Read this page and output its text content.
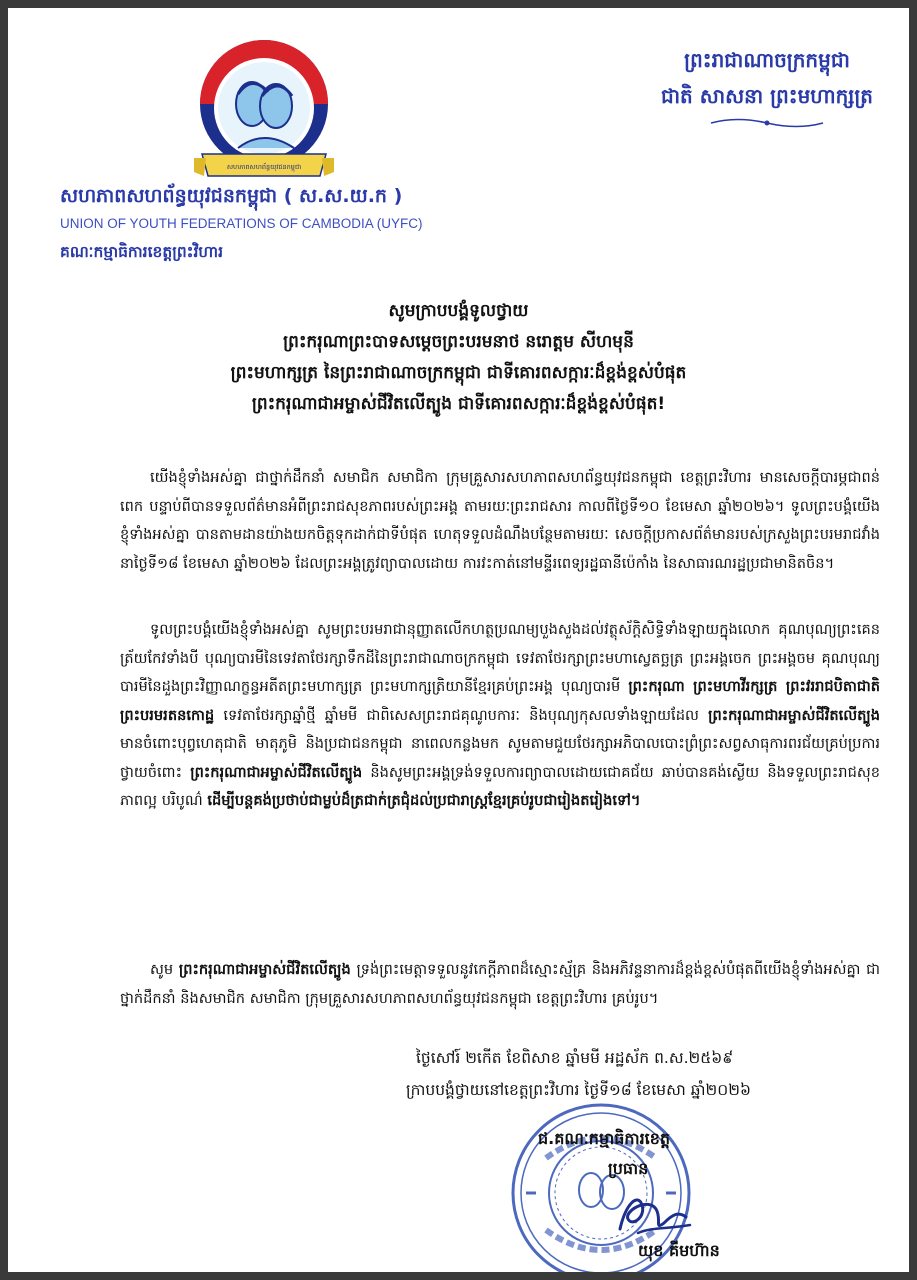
សហភាពសហព័ន្ធយុវជនកម្ពុជា
ព្រះរាជាណាចក្រកម្ពុជា
ជាតិ សាសនា ព្រះមហាក្សត្រ
សហភាពសហព័ន្ធយុវជនកម្ពុជា ( ស.ស.យ.ក )
UNION OF YOUTH FEDERATIONS OF CAMBODIA (UYFC)
គណៈកម្មាធិការខេត្តព្រះវិហារ
សូមក្រាបបង្គំទូលថ្វាយ
ព្រះករុណាព្រះបាទសម្តេចព្រះបរមនាថ នរោត្តម សីហមុនី
ព្រះមហាក្សត្រ នៃព្រះរាជាណាចក្រកម្ពុជា ជាទីគោរពសក្ការៈដ៏ខ្ពង់ខ្ពស់បំផុត
ព្រះករុណាជាអម្ចាស់ជីវិតលើត្បូង ជាទីគោរពសក្ការៈដ៏ខ្ពង់ខ្ពស់បំផុត!
យើងខ្ញុំទាំងអស់គ្នា ជាថ្នាក់ដឹកនាំ សមាជិក សមាជិកា ក្រុមគ្រួសារសហភាពសហព័ន្ធយុវជនកម្ពុជា ខេត្តព្រះវិហារ មានសេចក្តីបារម្ភជាពន់ពេក បន្ទាប់ពីបានទទួលព័ត៌មានអំពីព្រះរាជសុខភាពរបស់ព្រះអង្គ តាមរយៈព្រះរាជសារ កាលពីថ្ងៃទី១០ ខែមេសា ឆ្នាំ២០២៦។ ទូលព្រះបង្គំយើងខ្ញុំទាំងអស់គ្នា បានតាមដានយ៉ាងយកចិត្តទុកដាក់ជាទីបំផុត ហេតុទទួលដំណឹងបន្ថែមតាមរយៈ សេចក្តីប្រកាសព័ត៌មានរបស់ក្រសួងព្រះបរមរាជវាំង នាថ្ងៃទី១៨ ខែមេសា ឆ្នាំ២០២៦ ដែលព្រះអង្គត្រូវព្យាបាលដោយ ការវះកាត់នៅមន្ទីរពេទ្យរដ្ឋធានីប៉េកាំង នៃសាធារណរដ្ឋប្រជាមានិតចិន។
ទូលព្រះបង្គំយើងខ្ញុំទាំងអស់គ្នា សូមព្រះបរមរាជានុញ្ញាតលើកហត្ថប្រណម្យបួងសួងដល់វត្ថុស័ក្តិសិទ្ធិទាំងឡាយក្នុងលោក គុណបុណ្យព្រះគេនត្រ័យកែវទាំងបី បុណ្យបារមីនៃទេវតាថែរក្សាទឹកដីនៃព្រះរាជាណាចក្រកម្ពុជា ទេវតាថែរក្សាព្រះមហាស្វេតច្ឆត្រ ព្រះអង្គចេក ព្រះអង្គចម គុណបុណ្យបារមីនៃដួងព្រះវិញ្ញាណក្ខន្ធអតីតព្រះមហាក្សត្រ ព្រះមហាក្សត្រិយានីខ្មែរគ្រប់ព្រះអង្គ បុណ្យបារមី ព្រះករុណា ព្រះមហាវីរក្សត្រ ព្រះវររាជបិតាជាតិ ព្រះបរមរតនកោដ្ឋ ទេវតាថែរក្សាឆ្នាំថ្មី ឆ្នាំមមី ជាពិសេសព្រះរាជគុណូបការៈ និងបុណ្យកុសលទាំងឡាយដែល ព្រះករុណាជាអម្ចាស់ជីវិតលើត្បូង មានចំពោះបុព្វហេតុជាតិ មាតុភូមិ និងប្រជាជនកម្ពុជា នាពេលកន្លងមក សូមតាមជួយថែរក្សាអភិបាលបោះព្រំព្រះសព្វសាធុការពរជ័យគ្រប់ប្រការថ្វាយចំពោះ ព្រះករុណាជាអម្ចាស់ជីវិតលើត្បូង និងសូមព្រះអង្គទ្រង់ទទួលការព្យាបាលដោយជោគជ័យ ឆាប់បានគង់ស្ងើយ និងទទួលព្រះរាជសុខភាពល្អ បរិបូណ៌ ដើម្បីបន្តគង់ប្រថាប់ជាម្លប់ដ៏ត្រជាក់ត្រជុំដល់ប្រជារាស្ត្រខ្មែរគ្រប់រូបជារៀងតរៀងទៅ។
សូម ព្រះករុណាជាអម្ចាស់ជីវិតលើត្បូង ទ្រង់ព្រះមេត្តាទទួលនូវកេក្តីភាពដ៏ស្មោះស្ម័គ្រ និងអភិវន្ទនាការដ៏ខ្ពង់ខ្ពស់បំផុតពីយើងខ្ញុំទាំងអស់គ្នា ជាថ្នាក់ដឹកនាំ និងសមាជិក សមាជិកា ក្រុមគ្រួសារសហភាពសហព័ន្ធយុវជនកម្ពុជា ខេត្តព្រះវិហារ គ្រប់រូប។
ថ្ងៃសៅរ៍ ២កើត ខែពិសាខ ឆ្នាំមមី អដ្ឋស័ក ព.ស.២៥៦៩
ក្រាបបង្គំថ្វាយនៅខេត្តព្រះវិហារ ថ្ងៃទី១៨ ខែមេសា ឆ្នាំ២០២៦
ជ.គណៈកម្មាធិការខេត្ត
ប្រធាន
យុខ គីមហ៊ាន
